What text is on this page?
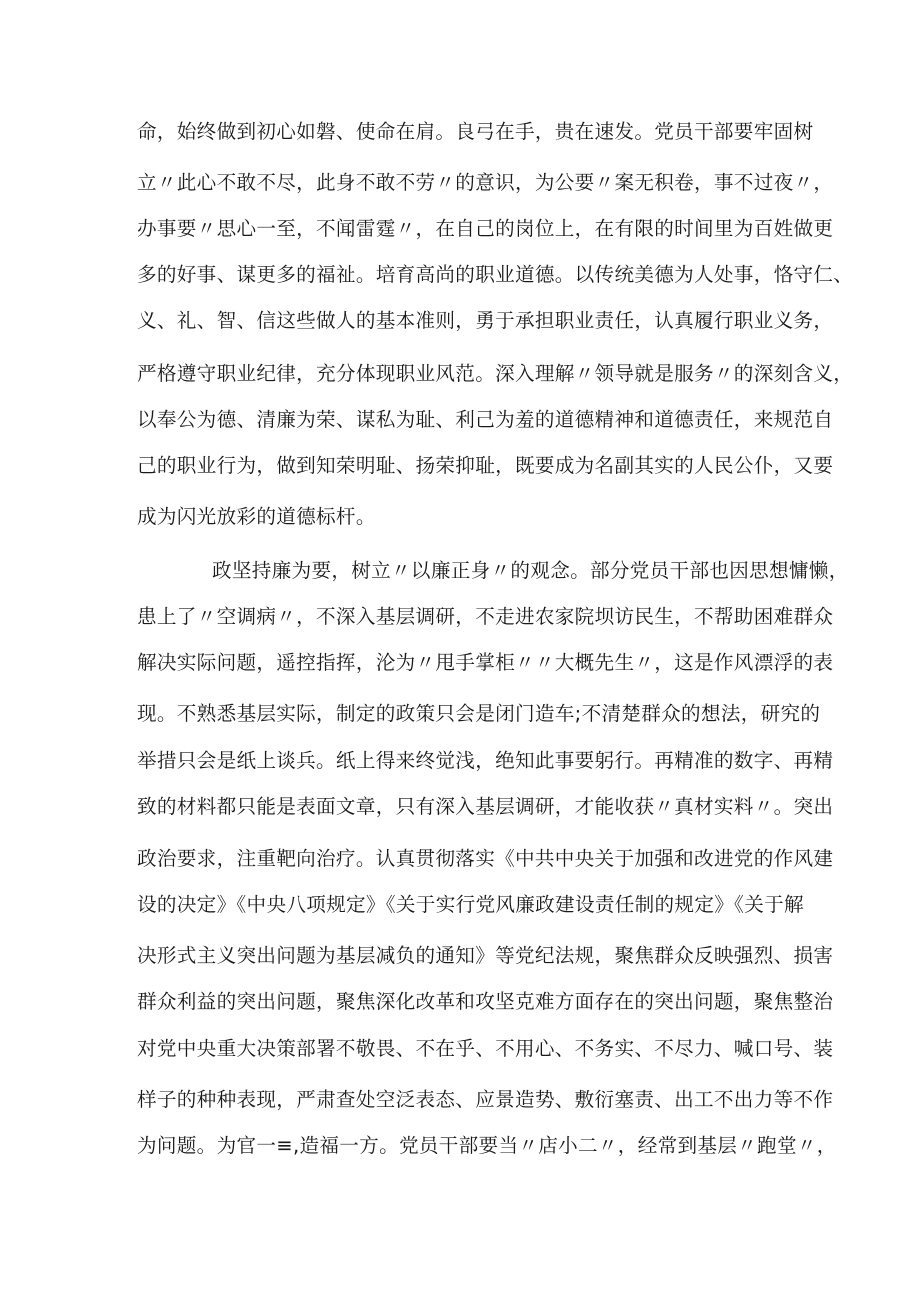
命，始终做到初心如磐、使命在肩。良弓在手，贵在速发。党员干部要牢固树
立〃此心不敢不尽，此身不敢不劳〃的意识，为公要〃案无积卷，事不过夜〃，
办事要〃思心一至，不闻雷霆〃，在自己的岗位上，在有限的时间里为百姓做更
多的好事、谋更多的福祉。培育高尚的职业道德。以传统美德为人处事，恪守仁、
义、礼、智、信这些做人的基本准则，勇于承担职业责任，认真履行职业义务，
严格遵守职业纪律，充分体现职业风范。深入理解〃领导就是服务〃的深刻含义，
以奉公为德、清廉为荣、谋私为耻、利己为羞的道德精神和道德责任，来规范自
己的职业行为，做到知荣明耻、扬荣抑耻，既要成为名副其实的人民公仆，又要
成为闪光放彩的道德标杆。
政坚持廉为要，树立〃以廉正身〃的观念。部分党员干部也因思想慵懒，
患上了〃空调病〃，不深入基层调研，不走进农家院坝访民生，不帮助困难群众
解决实际问题，遥控指挥，沦为〃甩手掌柜〃〃大概先生〃，这是作风漂浮的表
现。不熟悉基层实际，制定的政策只会是闭门造车;不清楚群众的想法，研究的
举措只会是纸上谈兵。纸上得来终觉浅，绝知此事要躬行。再精准的数字、再精
致的材料都只能是表面文章，只有深入基层调研，才能收获〃真材实料〃。突出
政治要求，注重靶向治疗。认真贯彻落实《中共中央关于加强和改进党的作风建
设的决定》《中央八项规定》《关于实行党风廉政建设责任制的规定》《关于解
决形式主义突出问题为基层减负的通知》等党纪法规，聚焦群众反映强烈、损害
群众利益的突出问题，聚焦深化改革和攻坚克难方面存在的突出问题，聚焦整治
对党中央重大决策部署不敬畏、不在乎、不用心、不务实、不尽力、喊口号、装
样子的种种表现，严肃查处空泛表态、应景造势、敷衍塞责、出工不出力等不作
为问题。为官一≡,造福一方。党员干部要当〃店小二〃，经常到基层〃跑堂〃，
